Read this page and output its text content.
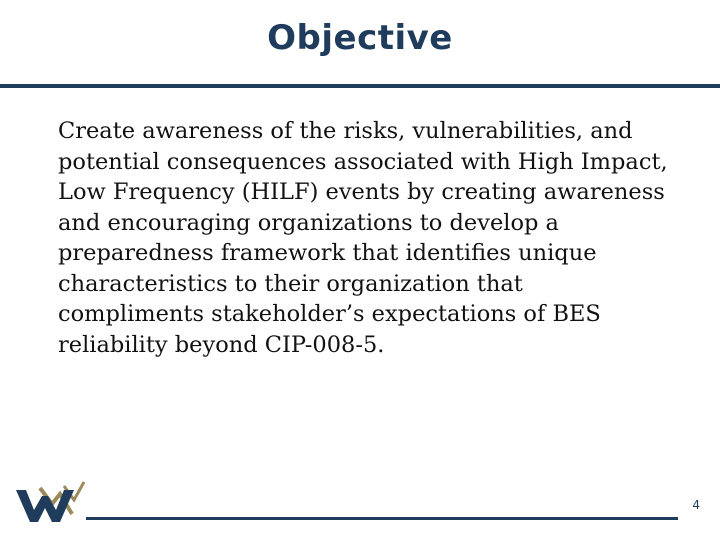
Objective

Create awareness of the risks, vulnerabilities, and potential consequences associated with High Impact, Low Frequency (HILF) events by creating awareness and encouraging organizations to develop a preparedness framework that identifies unique characteristics to their organization that compliments stakeholder’s expectations of BES reliability beyond CIP-008-5.

4
